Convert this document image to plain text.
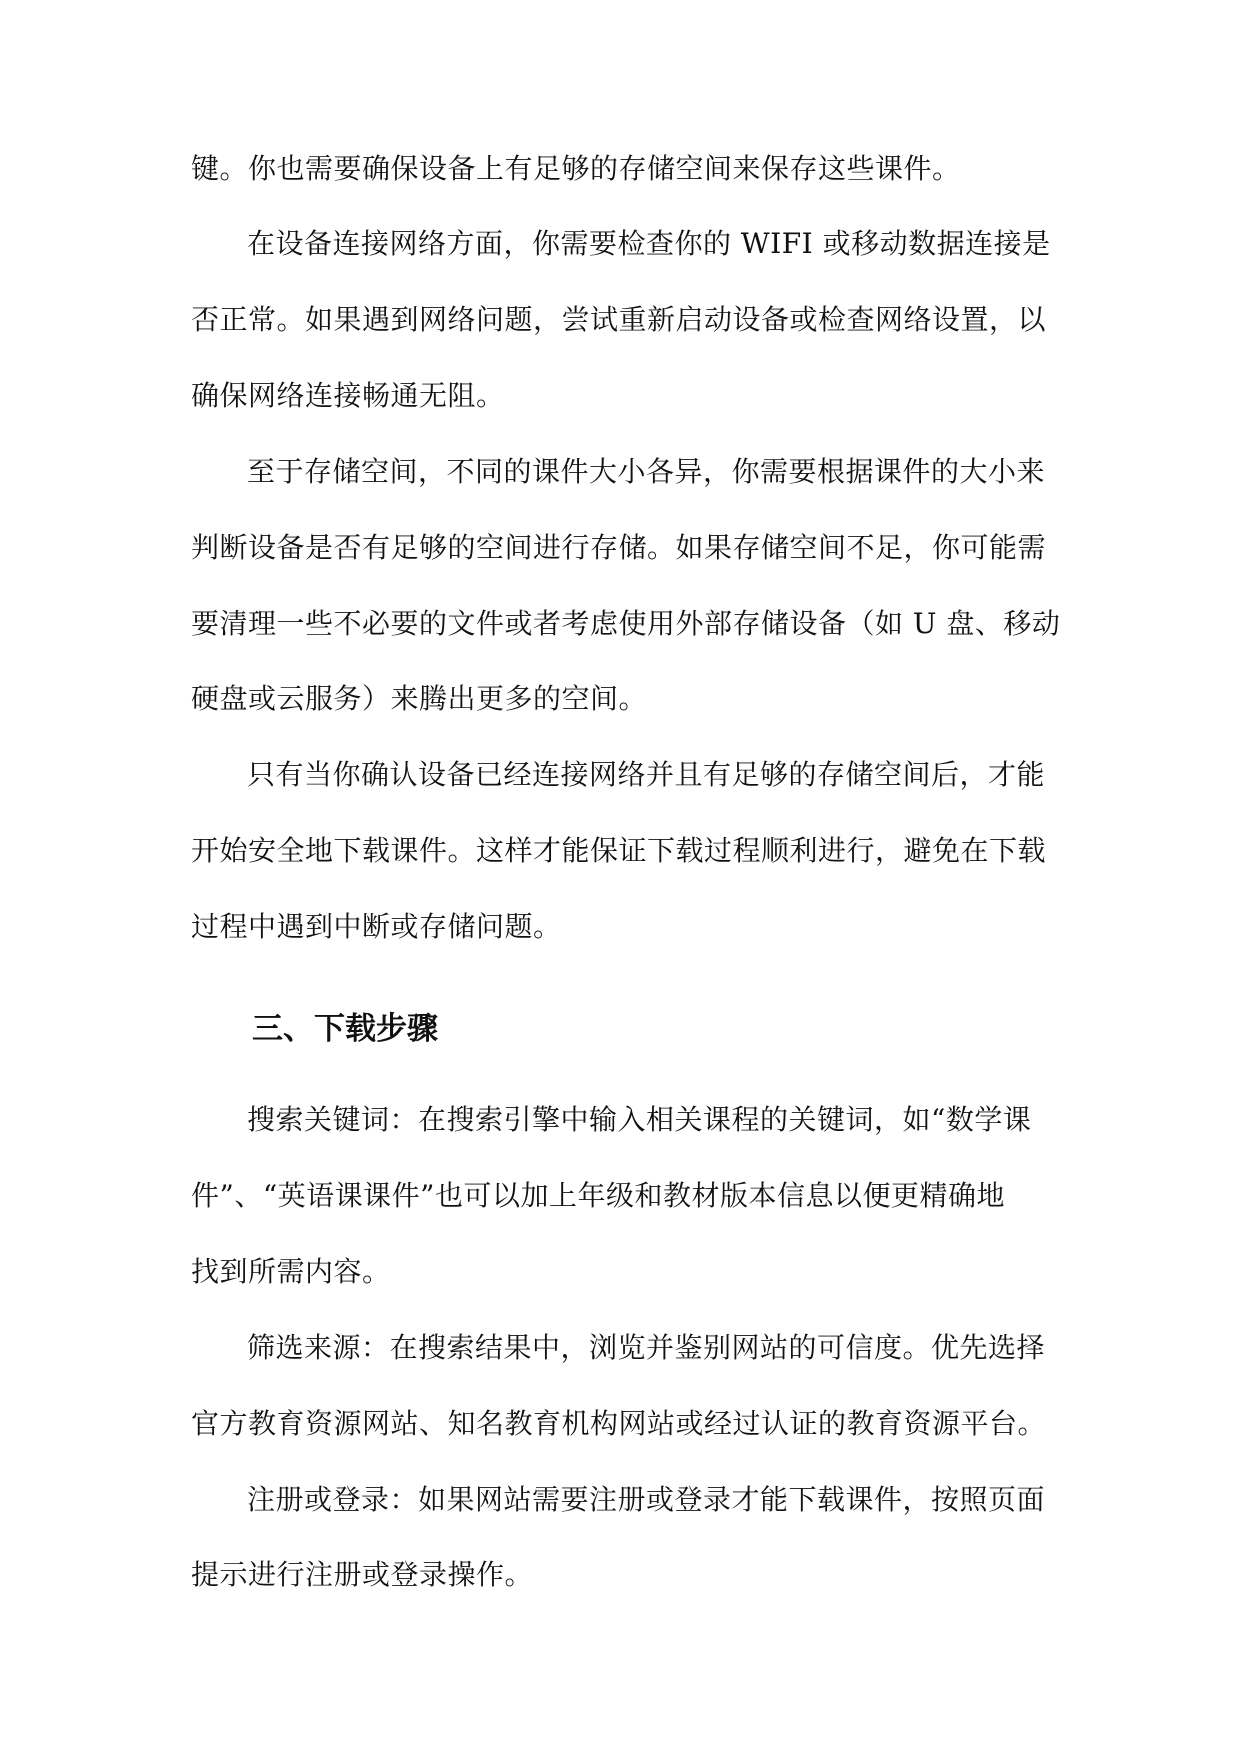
键。你也需要确保设备上有足够的存储空间来保存这些课件。
在设备连接网络方面，你需要检查你的 WIFI 或移动数据连接是
否正常。如果遇到网络问题，尝试重新启动设备或检查网络设置，以
确保网络连接畅通无阻。
至于存储空间，不同的课件大小各异，你需要根据课件的大小来
判断设备是否有足够的空间进行存储。如果存储空间不足，你可能需
要清理一些不必要的文件或者考虑使用外部存储设备（如 U 盘、移动
硬盘或云服务）来腾出更多的空间。
只有当你确认设备已经连接网络并且有足够的存储空间后，才能
开始安全地下载课件。这样才能保证下载过程顺利进行，避免在下载
过程中遇到中断或存储问题。
三、下载步骤
搜索关键词：在搜索引擎中输入相关课程的关键词，如“数学课
件”、“英语课课件”也可以加上年级和教材版本信息以便更精确地
找到所需内容。
筛选来源：在搜索结果中，浏览并鉴别网站的可信度。优先选择
官方教育资源网站、知名教育机构网站或经过认证的教育资源平台。
注册或登录：如果网站需要注册或登录才能下载课件，按照页面
提示进行注册或登录操作。
